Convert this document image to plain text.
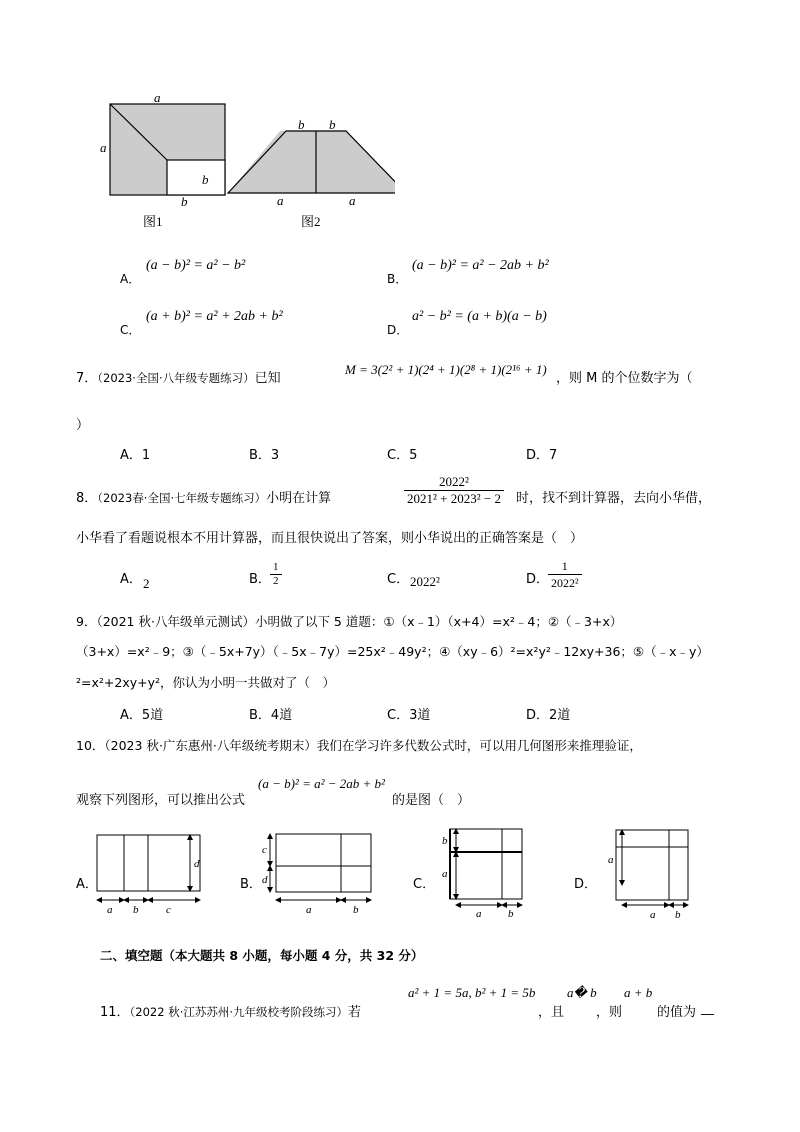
a
a
b
b
图1
b b
a	a
图2
A．
(a − b)² = a² − b²
B．
(a − b)² = a² − 2ab + b²
C．
(a + b)² = a² + 2ab + b²
D．
a² − b² = (a + b)(a − b)
7．（2023·全国·八年级专题练习）已知
M = 3(2² + 1)(2⁴ + 1)(2⁸ + 1)(2¹⁶ + 1)
，则 M 的个位数字为（
）
A．1	B．3	C．5	D．7
8．（2023春·全国·七年级专题练习）小明在计算	$\frac{\text{2022²}}{\text{2021² + 2023² − 2}}$ 时，找不到计算器，去向小华借，
小华看了看题说根本不用计算器，而且很快说出了答案，则小华说出的正确答案是（　）
A． 2	B． $\frac{1}{2}$	C． 2022²	D．
$\frac{1}{\text{2022²}}$
9．（2021 秋·八年级单元测试）小明做了以下 5 道题：①（x﹣1）（x+4）=x²﹣4；②（﹣3+x）
（3+x）=x²﹣9；③（﹣5x+7y）（﹣5x﹣7y）=25x²﹣49y²；④（xy﹣6）²=x²y²﹣12xy+36；⑤（﹣x﹣y）
²=x²+2xy+y²，你认为小明一共做对了（　）
A．5道	B．4道	C．3道	D．2道
10．（2023 秋·广东惠州·八年级统考期末）我们在学习许多代数公式时，可以用几何图形来推理验证，
观察下列图形，可以推出公式
(a − b)² = a² − 2ab + b²
的是图（　）
A．	B．	C．	D．
a b	c
d
c
d
a	b
b
a
a b
a
a b
二、填空题（本大题共 8 小题，每小题 4 分，共 32 分）
11．（2022 秋·江苏苏州·九年级校考阶段练习）若
a² + 1 = 5a, b² + 1 = 5b
，且
a� b
，则
a + b
的值为 __
